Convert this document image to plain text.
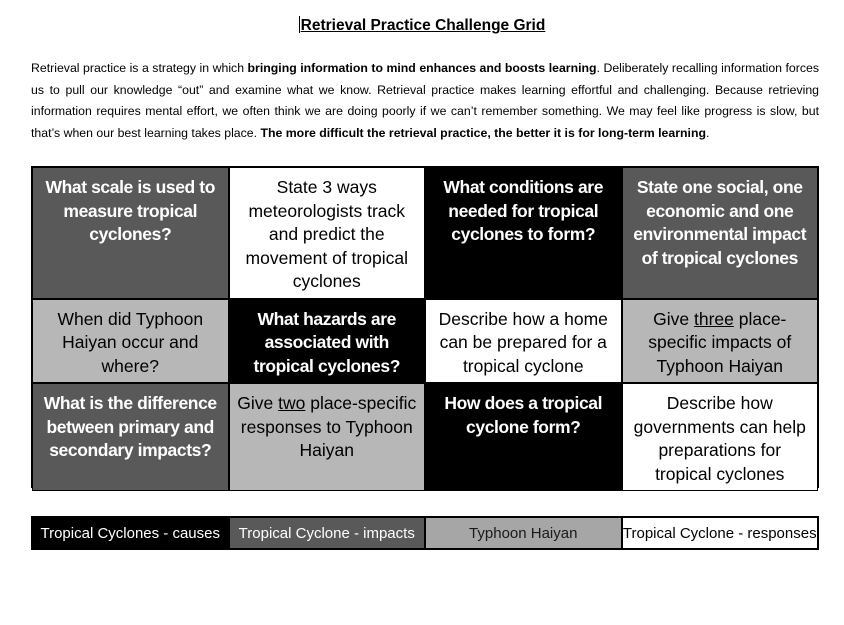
Retrieval Practice Challenge Grid
Retrieval practice is a strategy in which bringing information to mind enhances and boosts learning. Deliberately recalling information forces us to pull our knowledge “out” and examine what we know. Retrieval practice makes learning effortful and challenging. Because retrieving information requires mental effort, we often think we are doing poorly if we can’t remember something. We may feel like progress is slow, but that’s when our best learning takes place. The more difficult the retrieval practice, the better it is for long-term learning.
What scale is used to measure tropical cyclones?
State 3 ways meteorologists track and predict the movement of tropical cyclones
What conditions are needed for tropical cyclones to form?
State one social, one economic and one environmental impact of tropical cyclones
When did Typhoon Haiyan occur and where?
What hazards are associated with tropical cyclones?
Describe how a home can be prepared for a tropical cyclone
Give three place-specific impacts of Typhoon Haiyan
What is the difference between primary and secondary impacts?
Give two place-specific responses to Typhoon Haiyan
How does a tropical cyclone form?
Describe how governments can help preparations for tropical cyclones
Tropical Cyclones - causes	Tropical Cyclone - impacts	Typhoon Haiyan	Tropical Cyclone - responses
